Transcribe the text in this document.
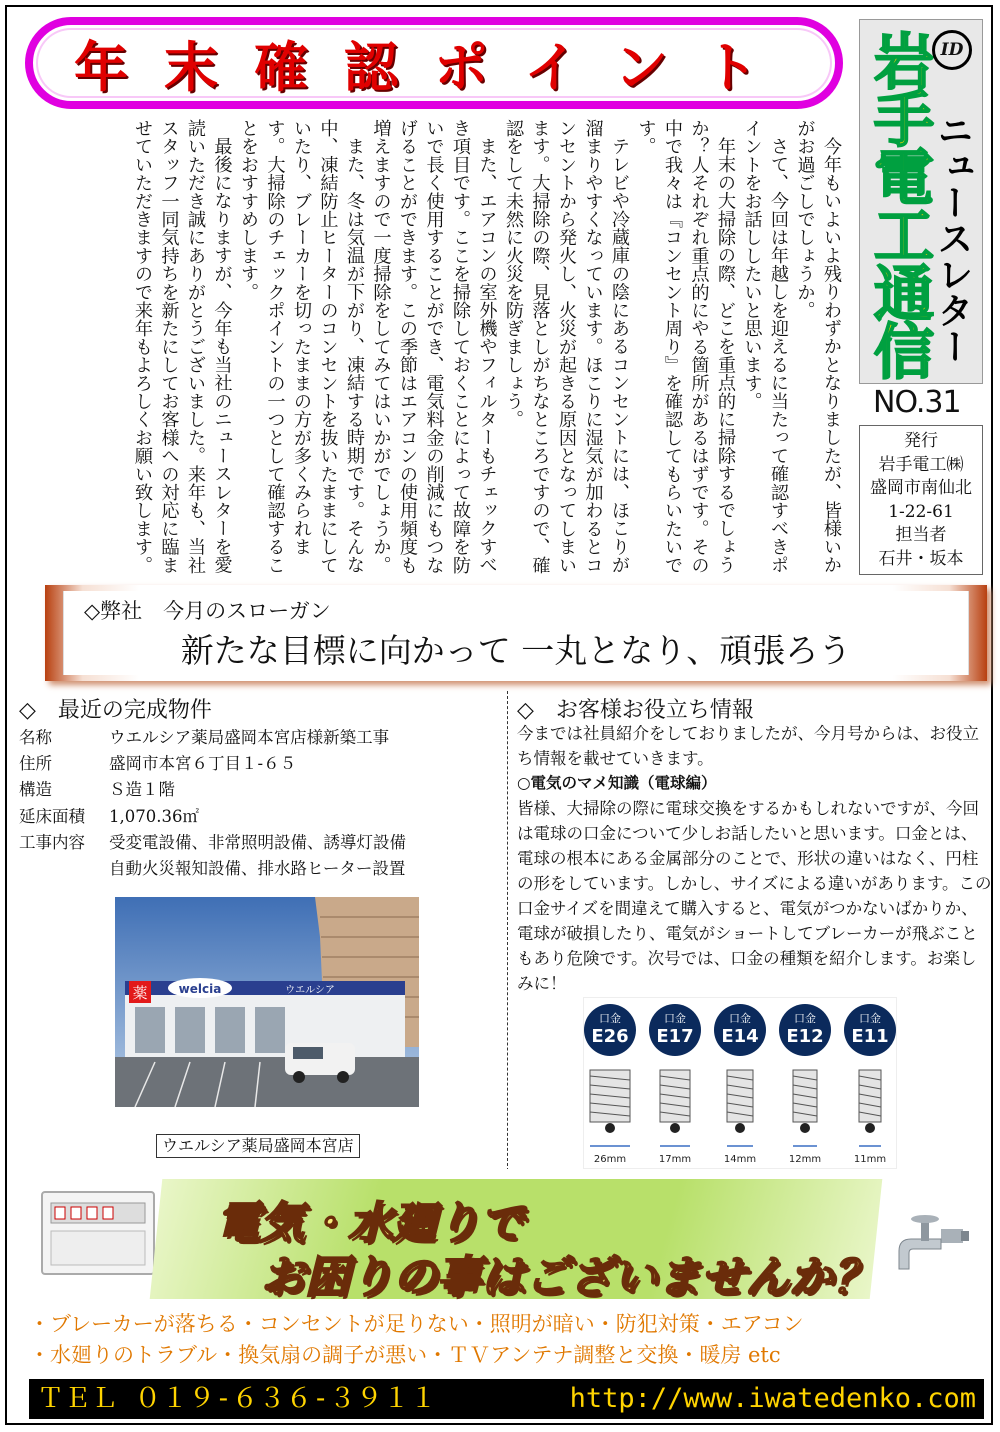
年末確認ポイント

今年もいよいよ残りわずかとなりましたが、皆様いかがお過ごしでしょうか。

さて、今回は年越しを迎えるに当たって確認すべきポイントをお話ししたいと思います。

年末の大掃除の際、どこを重点的に掃除するでしょうか？人それぞれ重点的にやる箇所があるはずです。その中で我々は『コンセント周り』を確認してもらいたいです。

テレビや冷蔵庫の陰にあるコンセントには、ほこりが溜まりやすくなっています。ほこりに湿気が加わるとコンセントから発火し、火災が起きる原因となってしまいます。大掃除の際、見落としがちなところですので、確認をして未然に火災を防ぎましょう。

また、エアコンの室外機やフィルターもチェックすべき項目です。ここを掃除しておくことによって故障を防いで長く使用することができ、電気料金の削減にもつなげることができます。この季節はエアコンの使用頻度も増えますので一度掃除をしてみてはいかがでしょうか。

また、冬は気温が下がり、凍結する時期です。そんな中、凍結防止ヒーターのコンセントを抜いたままにしていたり、ブレーカーを切ったままの方が多くみられます。大掃除のチェックポイントの一つとして確認することをおすすめします。

最後になりますが、今年も当社のニュースレターを愛読いただき誠にありがとうございました。来年も、当社スタッフ一同気持ちを新たにしてお客様への対応に臨ませていただきますので来年もよろしくお願い致します。	岩手電工通信 ID
ニュースレター
NO.31
発行
岩手電工㈱
盛岡市南仙北
1-22-61
担当者
石井・坂本
◇弊社　今月のスローガン
新たな目標に向かって 一丸となり、頑張ろう
◇　最近の完成物件
名称	ウエルシア薬局盛岡本宮店様新築工事
住所	盛岡市本宮６丁目１-６５
構造	Ｓ造１階
延床面積	1,070.36㎡
工事内容	受変電設備、非常照明設備、誘導灯設備
自動火災報知設備、排水路ヒーター設置
薬	welcia	ウエルシア
ウエルシア薬局盛岡本宮店
◇　お客様お役立ち情報

今までは社員紹介をしておりましたが、今月号からは、お役立ち情報を載せていきます。

○電気のマメ知識（電球編）

皆様、大掃除の際に電球交換をするかもしれないですが、今回は電球の口金について少しお話したいと思います。口金とは、電球の根本にある金属部分のことで、形状の違いはなく、円柱の形をしています。しかし、サイズによる違いがあります。この口金サイズを間違えて購入すると、電気がつかないばかりか、電球が破損したり、電気がショートしてブレーカーが飛ぶこともあり危険です。次号では、口金の種類を紹介します。お楽しみに！

口金
E26
26mm
口金
E17
17mm
口金
E14
14mm
口金
E12
12mm
口金
E11
11mm
電気・水廻りで
お困りの事はございませんか？
・ブレーカーが落ちる・コンセントが足りない・照明が暗い・防犯対策・エアコン
・水廻りのトラブル・換気扇の調子が悪い・ＴＶアンテナ調整と交換・暖房 etc
ＴＥＬ ０１９-６３６-３９１１	http://www.iwatedenko.com
